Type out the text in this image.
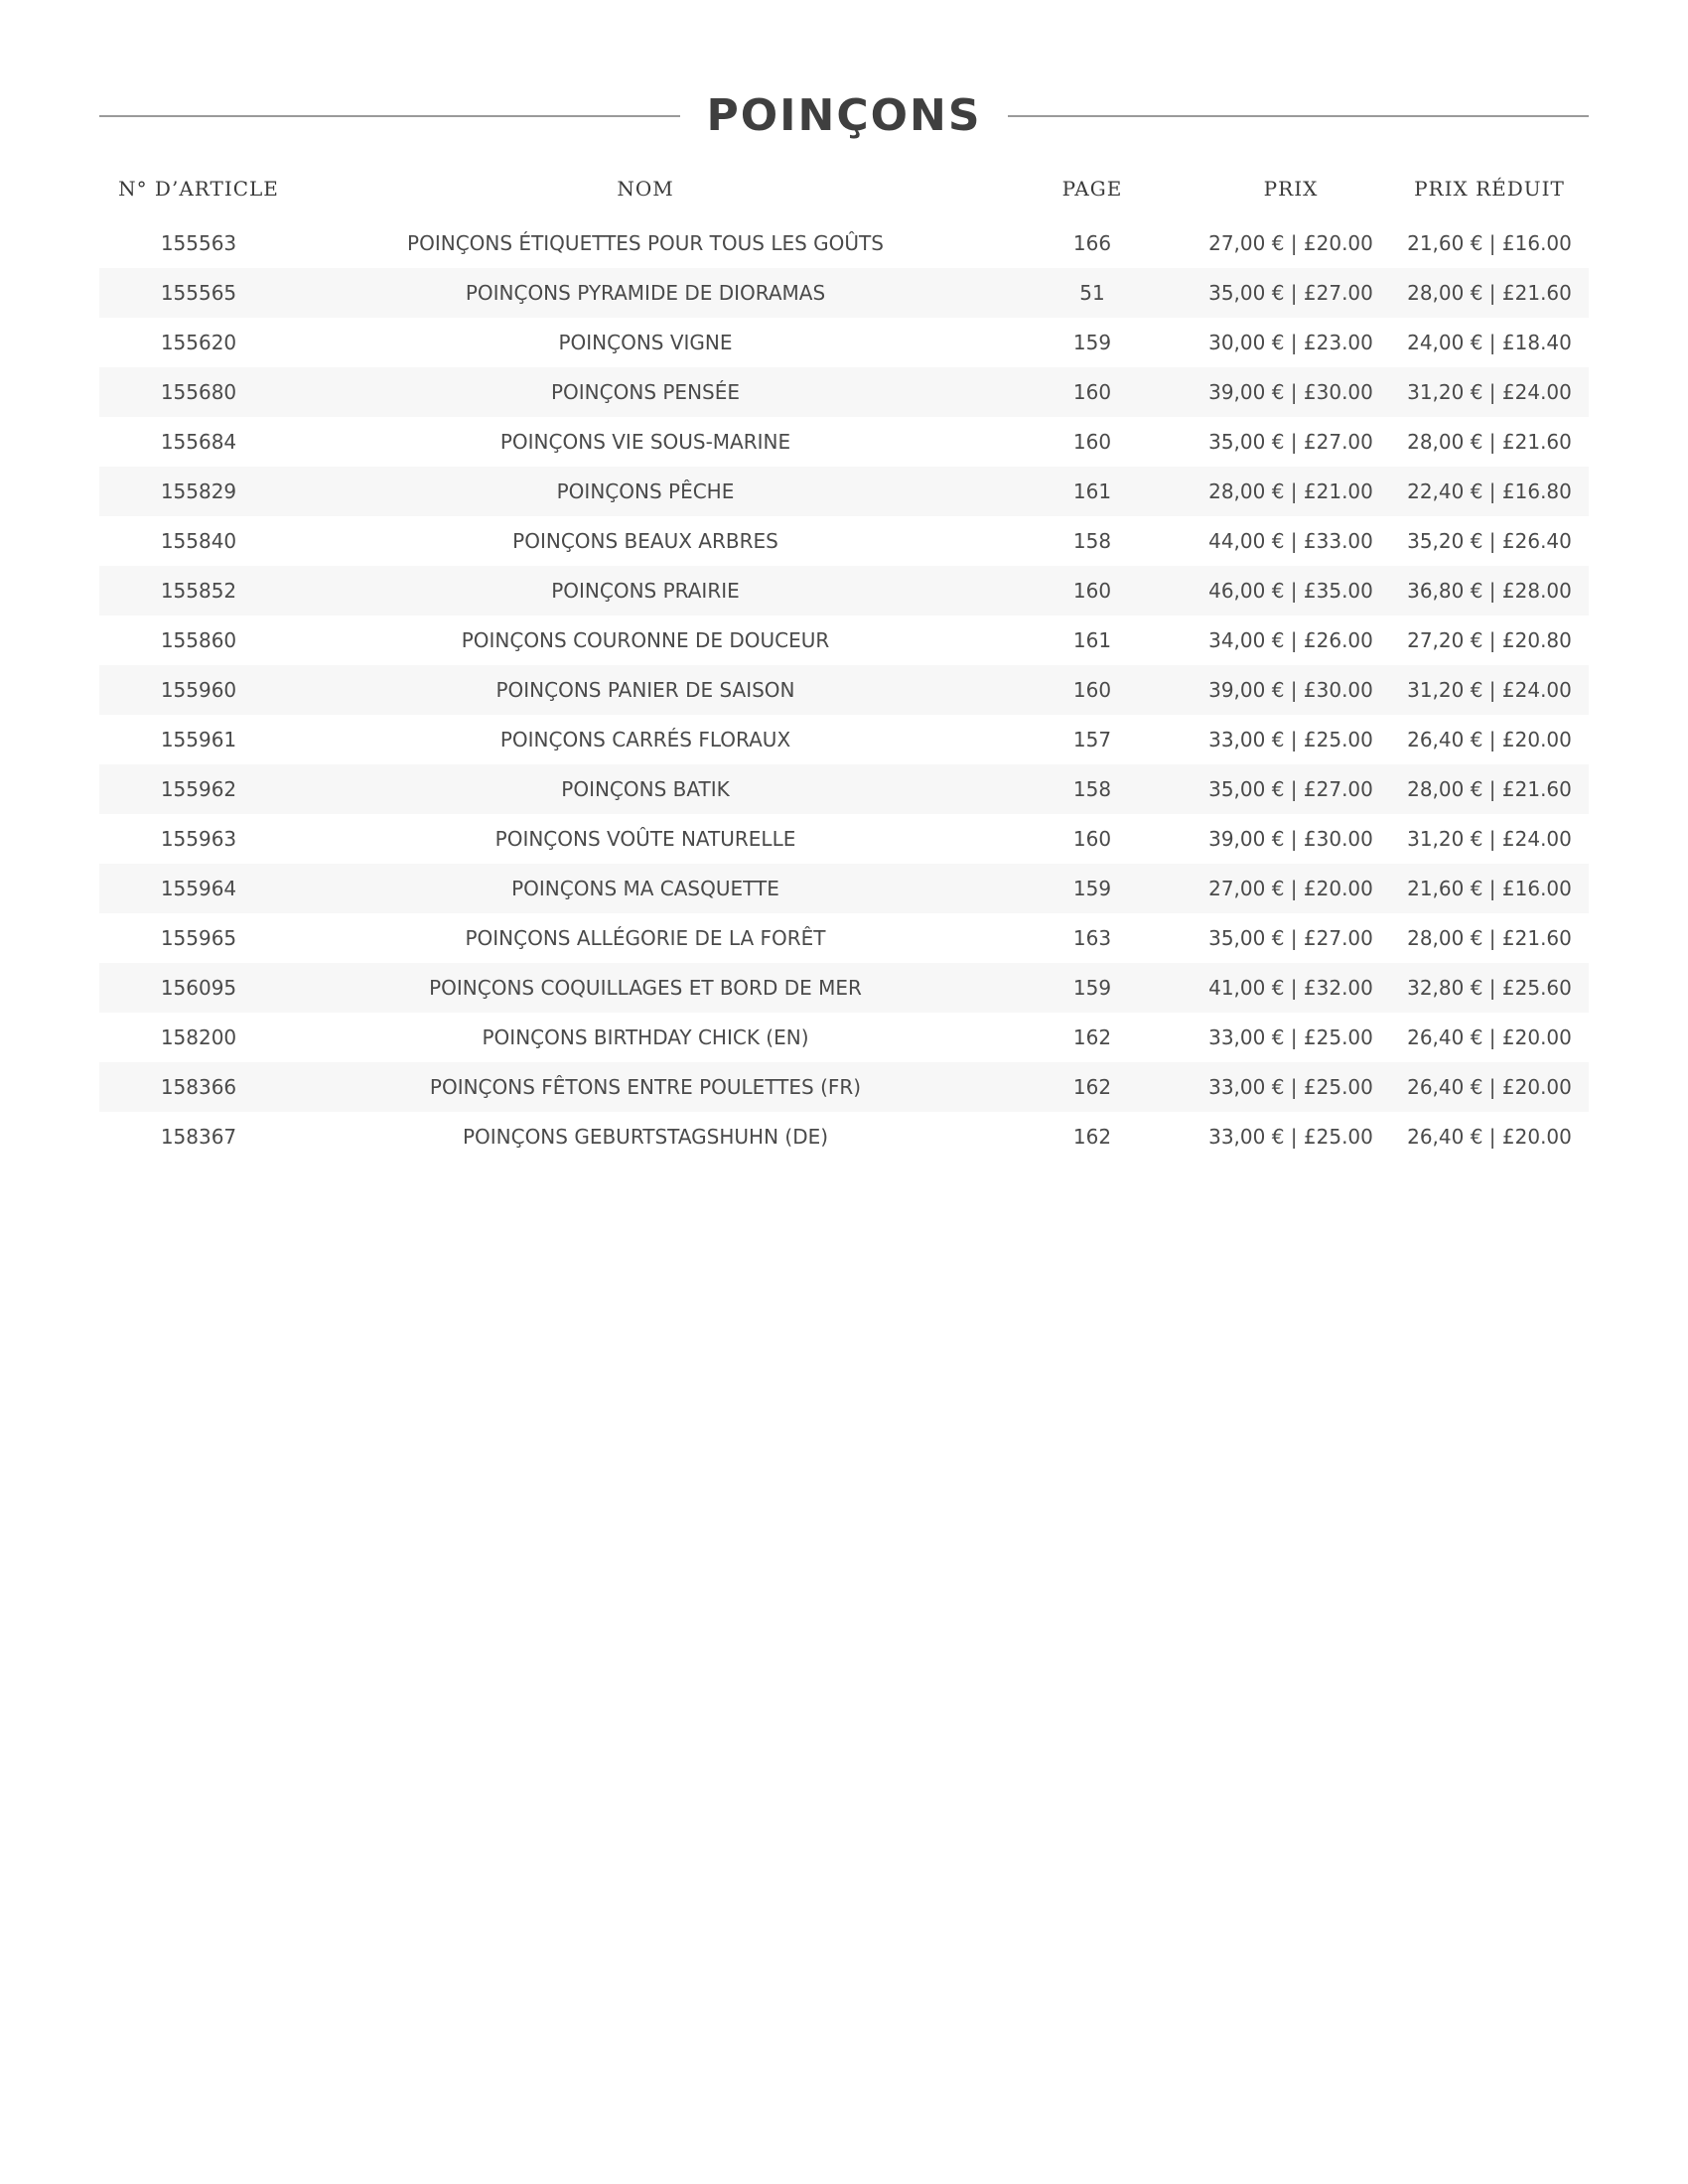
POINÇONS
N° D’ARTICLE	NOM	PAGE	PRIX	PRIX RÉDUIT
155563	POINÇONS ÉTIQUETTES POUR TOUS LES GOÛTS	166	27,00 € | £20.00	21,60 € | £16.00
155565	POINÇONS PYRAMIDE DE DIORAMAS	51	35,00 € | £27.00	28,00 € | £21.60
155620	POINÇONS VIGNE	159	30,00 € | £23.00	24,00 € | £18.40
155680	POINÇONS PENSÉE	160	39,00 € | £30.00	31,20 € | £24.00
155684	POINÇONS VIE SOUS-MARINE	160	35,00 € | £27.00	28,00 € | £21.60
155829	POINÇONS PÊCHE	161	28,00 € | £21.00	22,40 € | £16.80
155840	POINÇONS BEAUX ARBRES	158	44,00 € | £33.00	35,20 € | £26.40
155852	POINÇONS PRAIRIE	160	46,00 € | £35.00	36,80 € | £28.00
155860	POINÇONS COURONNE DE DOUCEUR	161	34,00 € | £26.00	27,20 € | £20.80
155960	POINÇONS PANIER DE SAISON	160	39,00 € | £30.00	31,20 € | £24.00
155961	POINÇONS CARRÉS FLORAUX	157	33,00 € | £25.00	26,40 € | £20.00
155962	POINÇONS BATIK	158	35,00 € | £27.00	28,00 € | £21.60
155963	POINÇONS VOÛTE NATURELLE	160	39,00 € | £30.00	31,20 € | £24.00
155964	POINÇONS MA CASQUETTE	159	27,00 € | £20.00	21,60 € | £16.00
155965	POINÇONS ALLÉGORIE DE LA FORÊT	163	35,00 € | £27.00	28,00 € | £21.60
156095	POINÇONS COQUILLAGES ET BORD DE MER	159	41,00 € | £32.00	32,80 € | £25.60
158200	POINÇONS BIRTHDAY CHICK (EN)	162	33,00 € | £25.00	26,40 € | £20.00
158366	POINÇONS FÊTONS ENTRE POULETTES (FR)	162	33,00 € | £25.00	26,40 € | £20.00
158367	POINÇONS GEBURTSTAGSHUHN (DE)	162	33,00 € | £25.00	26,40 € | £20.00
